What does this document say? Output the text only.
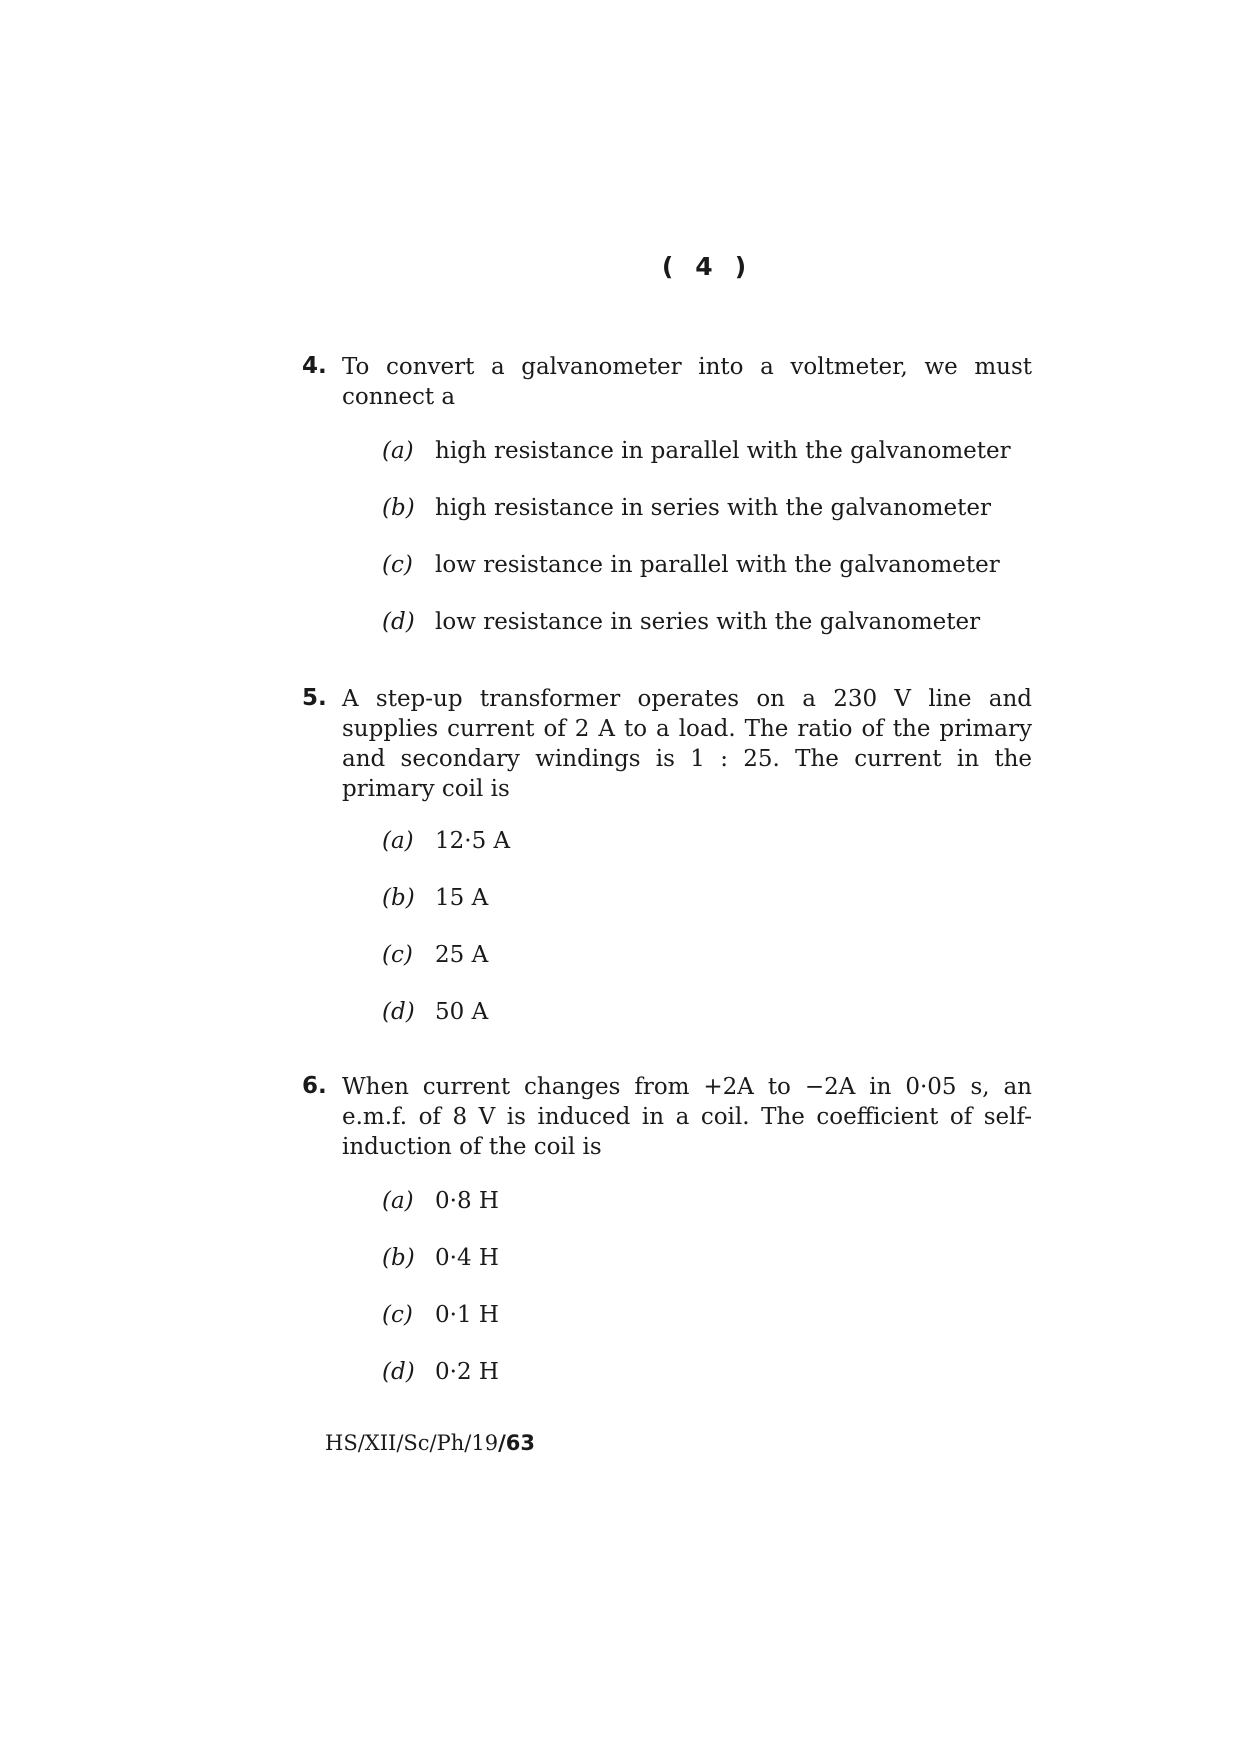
( 4 )
4. To convert a galvanometer into a voltmeter, we must connect a

(a) high resistance in parallel with the galvanometer
(b) high resistance in series with the galvanometer
(c) low resistance in parallel with the galvanometer
(d) low resistance in series with the galvanometer
5. A step-up transformer operates on a 230 V line and supplies current of 2 A to a load. The ratio of the primary and secondary windings is 1 : 25. The current in the primary coil is

(a) 12·5 A
(b) 15 A
(c) 25 A
(d) 50 A
6. When current changes from +2A to −2A in 0·05 s, an e.m.f. of 8 V is induced in a coil. The coefficient of self-induction of the coil is

(a) 0·8 H
(b) 0·4 H
(c) 0·1 H
(d) 0·2 H
HS/XII/Sc/Ph/19/63
